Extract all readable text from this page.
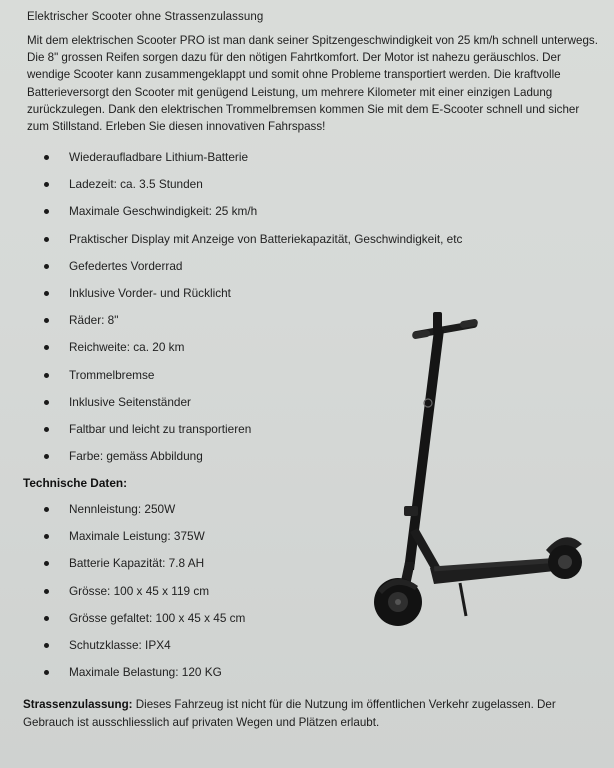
Elektrischer Scooter ohne Strassenzulassung
Mit dem elektrischen Scooter PRO ist man dank seiner Spitzengeschwindigkeit von 25 km/h schnell unterwegs. Die 8" grossen Reifen sorgen dazu für den nötigen Fahrtkomfort. Der Motor ist nahezu geräuschlos. Der wendige Scooter kann zusammengeklappt und somit ohne Probleme transportiert werden. Die kraftvolle Batterieversorgt den Scooter mit genügend Leistung, um mehrere Kilometer mit einer einzigen Ladung zurückzulegen. Dank den elektrischen Trommelbremsen kommen Sie mit dem E-Scooter schnell und sicher zum Stillstand. Erleben Sie diesen innovativen Fahrspass!
Wiederaufladbare Lithium-Batterie
Ladezeit: ca. 3.5 Stunden
Maximale Geschwindigkeit: 25 km/h
Praktischer Display mit Anzeige von Batteriekapazität, Geschwindigkeit, etc
Gefedertes Vorderrad
Inklusive Vorder- und Rücklicht
Räder: 8"
Reichweite: ca. 20 km
Trommelbremse
Inklusive Seitenständer
Faltbar und leicht zu transportieren
Farbe: gemäss Abbildung
Technische Daten:
Nennleistung: 250W
Maximale Leistung: 375W
Batterie Kapazität: 7.8 AH
Grösse: 100 x 45 x 119 cm
Grösse gefaltet: 100 x 45 x 45 cm
Schutzklasse: IPX4
Maximale Belastung: 120 KG
Strassenzulassung: Dieses Fahrzeug ist nicht für die Nutzung im öffentlichen Verkehr zugelassen. Der Gebrauch ist ausschliesslich auf privaten Wegen und Plätzen erlaubt.
